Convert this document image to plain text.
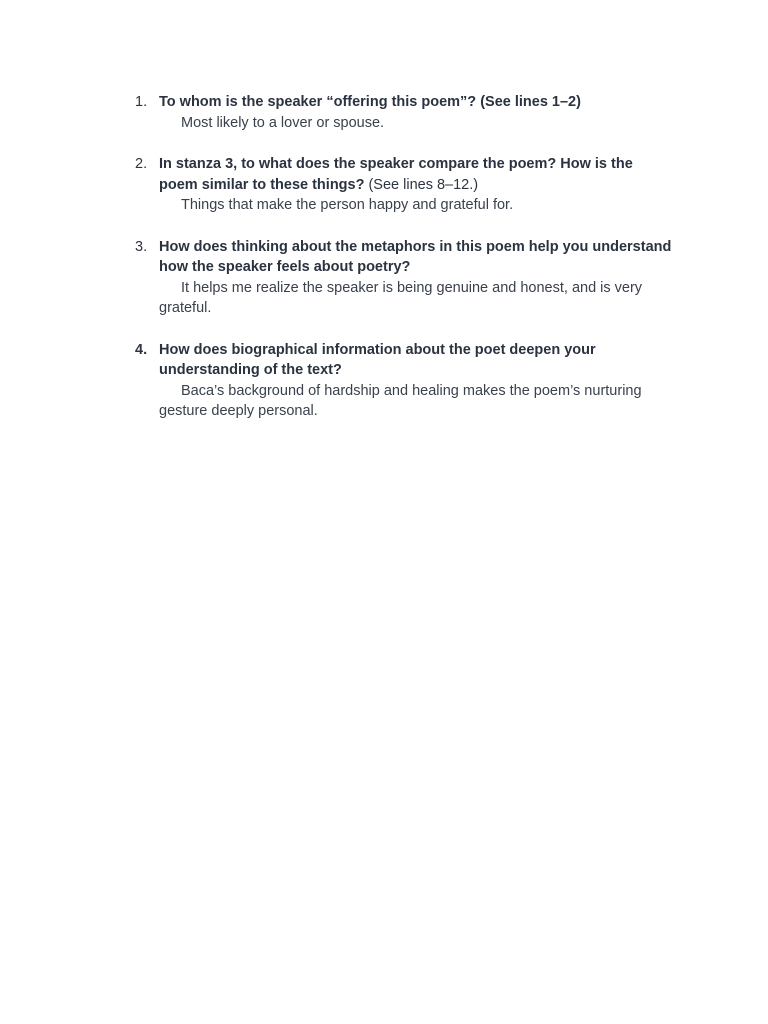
1. To whom is the speaker “offering this poem”? (See lines 1–2)
Most likely to a lover or spouse.
2. In stanza 3, to what does the speaker compare the poem? How is the poem similar to these things? (See lines 8–12.)
Things that make the person happy and grateful for.
3. How does thinking about the metaphors in this poem help you understand how the speaker feels about poetry?
It helps me realize the speaker is being genuine and honest, and is very grateful.
4. How does biographical information about the poet deepen your understanding of the text?
Baca’s background of hardship and healing makes the poem’s nurturing gesture deeply personal.
